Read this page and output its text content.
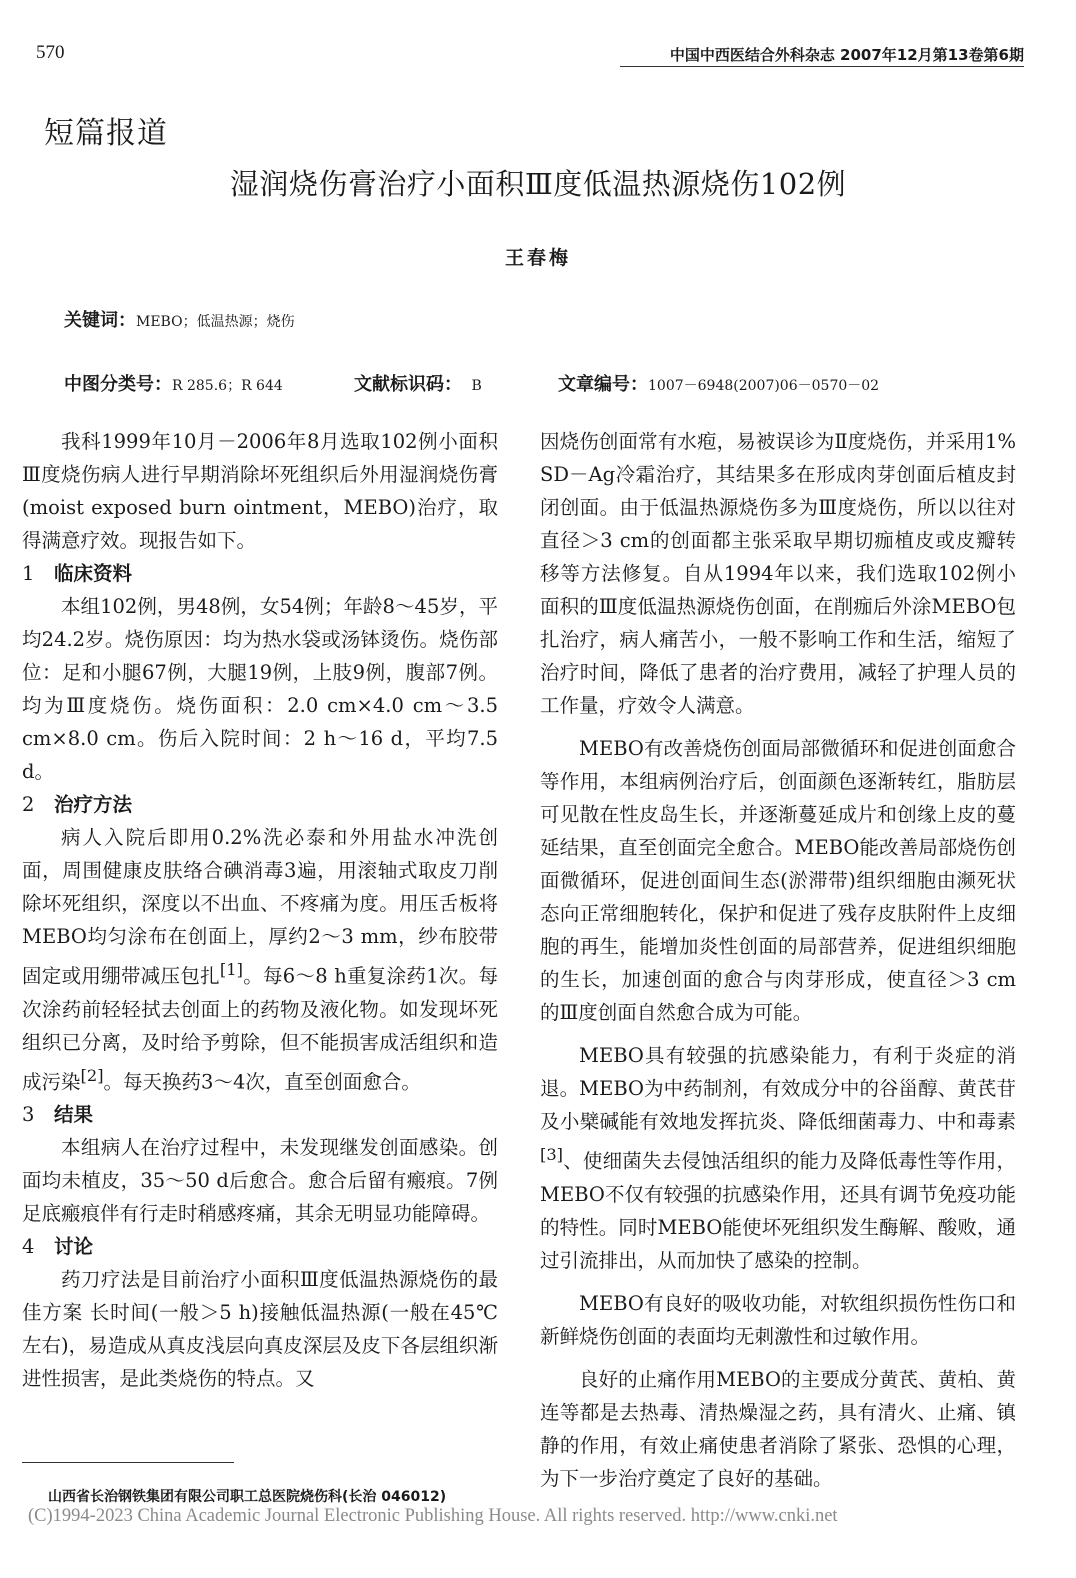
570	中国中西医结合外科杂志 2007年12月第13卷第6期
短篇报道
湿润烧伤膏治疗小面积Ⅲ度低温热源烧伤102例
王春梅
关键词：MEBO；低温热源；烧伤
中图分类号：R 285.6；R 644	文献标识码： B	文章编号：1007－6948(2007)06－0570－02

我科1999年10月－2006年8月选取102例小面积Ⅲ度烧伤病人进行早期消除坏死组织后外用湿润烧伤膏(moist exposed burn ointment，MEBO)治疗，取得满意疗效。现报告如下。

1 临床资料

本组102例，男48例，女54例；年龄8～45岁，平均24.2岁。烧伤原因：均为热水袋或汤钵烫伤。烧伤部位：足和小腿67例，大腿19例，上肢9例，腹部7例。均为Ⅲ度烧伤。烧伤面积：2.0 cm×4.0 cm～3.5 cm×8.0 cm。伤后入院时间：2 h～16 d，平均7.5 d。

2 治疗方法

病人入院后即用0.2%洗必泰和外用盐水冲洗创面，周围健康皮肤络合碘消毒3遍，用滚轴式取皮刀削除坏死组织，深度以不出血、不疼痛为度。用压舌板将MEBO均匀涂布在创面上，厚约2～3 mm，纱布胶带固定或用绷带减压包扎[1]。每6～8 h重复涂药1次。每次涂药前轻轻拭去创面上的药物及液化物。如发现坏死组织已分离，及时给予剪除，但不能损害成活组织和造成污染[2]。每天换药3～4次，直至创面愈合。

3 结果

本组病人在治疗过程中，未发现继发创面感染。创面均未植皮，35～50 d后愈合。愈合后留有瘢痕。7例足底瘢痕伴有行走时稍感疼痛，其余无明显功能障碍。

4 讨论

药刀疗法是目前治疗小面积Ⅲ度低温热源烧伤的最佳方案 长时间(一般＞5 h)接触低温热源(一般在45℃左右)，易造成从真皮浅层向真皮深层及皮下各层组织渐进性损害，是此类烧伤的特点。又

因烧伤创面常有水疱，易被误诊为Ⅱ度烧伤，并采用1% SD－Ag冷霜治疗，其结果多在形成肉芽创面后植皮封闭创面。由于低温热源烧伤多为Ⅲ度烧伤，所以以往对直径＞3 cm的创面都主张采取早期切痂植皮或皮瓣转移等方法修复。自从1994年以来，我们选取102例小面积的Ⅲ度低温热源烧伤创面，在削痂后外涂MEBO包扎治疗，病人痛苦小，一般不影响工作和生活，缩短了治疗时间，降低了患者的治疗费用，减轻了护理人员的工作量，疗效令人满意。

MEBO有改善烧伤创面局部微循环和促进创面愈合等作用，本组病例治疗后，创面颜色逐渐转红，脂肪层可见散在性皮岛生长，并逐渐蔓延成片和创缘上皮的蔓延结果，直至创面完全愈合。MEBO能改善局部烧伤创面微循环，促进创面间生态(淤滞带)组织细胞由濒死状态向正常细胞转化，保护和促进了残存皮肤附件上皮细胞的再生，能增加炎性创面的局部营养，促进组织细胞的生长，加速创面的愈合与肉芽形成，使直径＞3 cm的Ⅲ度创面自然愈合成为可能。

MEBO具有较强的抗感染能力，有利于炎症的消退。MEBO为中药制剂，有效成分中的谷甾醇、黄芪苷及小檗碱能有效地发挥抗炎、降低细菌毒力、中和毒素[3]、使细菌失去侵蚀活组织的能力及降低毒性等作用，MEBO不仅有较强的抗感染作用，还具有调节免疫功能的特性。同时MEBO能使坏死组织发生酶解、酸败，通过引流排出，从而加快了感染的控制。

MEBO有良好的吸收功能，对软组织损伤性伤口和新鲜烧伤创面的表面均无刺激性和过敏作用。

良好的止痛作用MEBO的主要成分黄芪、黄柏、黄连等都是去热毒、清热燥湿之药，具有清火、止痛、镇静的作用，有效止痛使患者消除了紧张、恐惧的心理，为下一步治疗奠定了良好的基础。

山西省长治钢铁集团有限公司职工总医院烧伤科(长治 046012)
(C)1994-2023 China Academic Journal Electronic Publishing House. All rights reserved. http://www.cnki.net
